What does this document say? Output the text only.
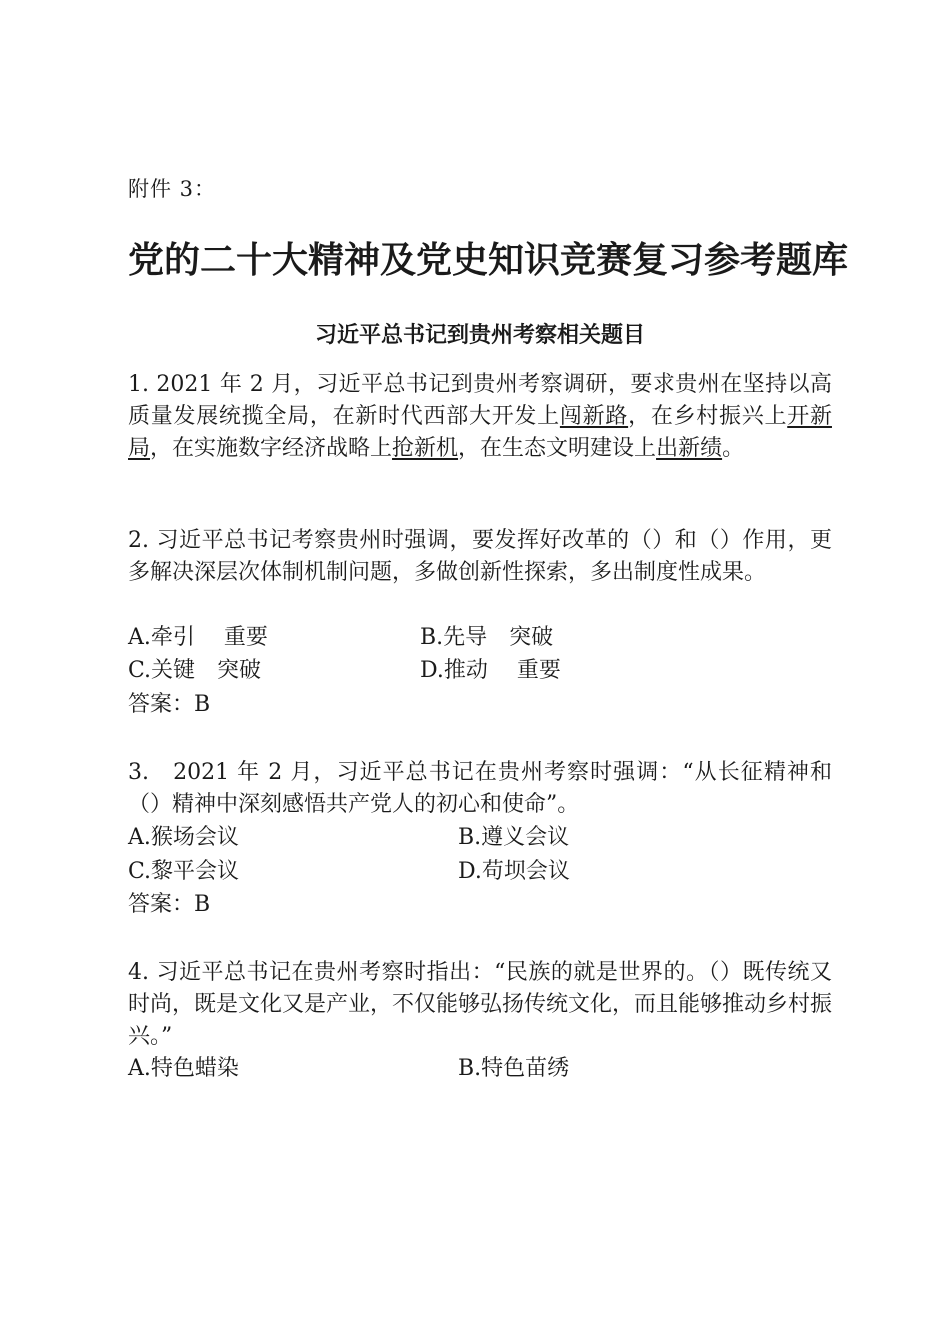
附件 3：
党的二十大精神及党史知识竞赛复习参考题库
习近平总书记到贵州考察相关题目
1. 2021 年 2 月，习近平总书记到贵州考察调研，要求贵州在坚持以高质量发展统揽全局，在新时代西部大开发上闯新路，在乡村振兴上开新局，在实施数字经济战略上抢新机，在生态文明建设上出新绩。
2. 习近平总书记考察贵州时强调，要发挥好改革的（）和（）作用，更多解决深层次体制机制问题，多做创新性探索，多出制度性成果。
A.牵引　 重要	B.先导　突破
C.关键　突破	D.推动　 重要
答案：B
3.　2021 年 2 月，习近平总书记在贵州考察时强调：“从长征精神和（）精神中深刻感悟共产党人的初心和使命”。
A.猴场会议	B.遵义会议
C.黎平会议	D.苟坝会议
答案：B
4. 习近平总书记在贵州考察时指出：“民族的就是世界的。（）既传统又时尚，既是文化又是产业，不仅能够弘扬传统文化，而且能够推动乡村振兴。”
A.特色蜡染	B.特色苗绣
